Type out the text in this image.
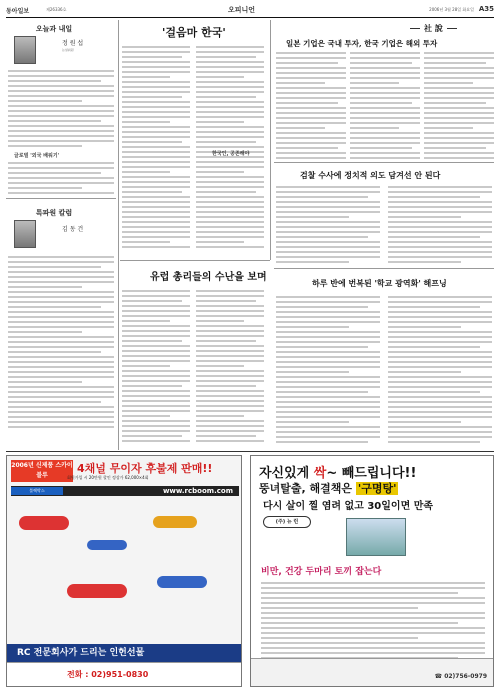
동아일보	제26336호	오피니언	2006년 3월 28일 화요일 A35
오늘과 내일
정 원 섭
논설위원
글로벌 '외국 배워기'
특파원 칼럼
김 동 건
'걸음마 한국'
한국인, 공존해야
社 說
일본 기업은 국내 투자, 한국 기업은 해외 투자
검찰 수사에 정치적 의도 담겨선 안 된다
하루 반에 번복된 '학교 광역화' 해프닝
유럽 총리들의 수난을 보며
2006년 신제품 스카이블루
4채널 무이자 후불제 판매!!
회원가입 시 20만원 할인 정상가 62,000×4회
불랙박스	www.rcboom.com
RC 전문회사가 드리는 인헌선물
전화 : 02)951-0830
자신있게 싹~ 빼드립니다!!
뚱녀탈출, 해결책은 '구명탕'
다시 살이 찔 염려 없고 30일이면 만족
(주) 뉴 런
비만, 건강 두마리 토끼 잡는다
☎ 02)756-0979
